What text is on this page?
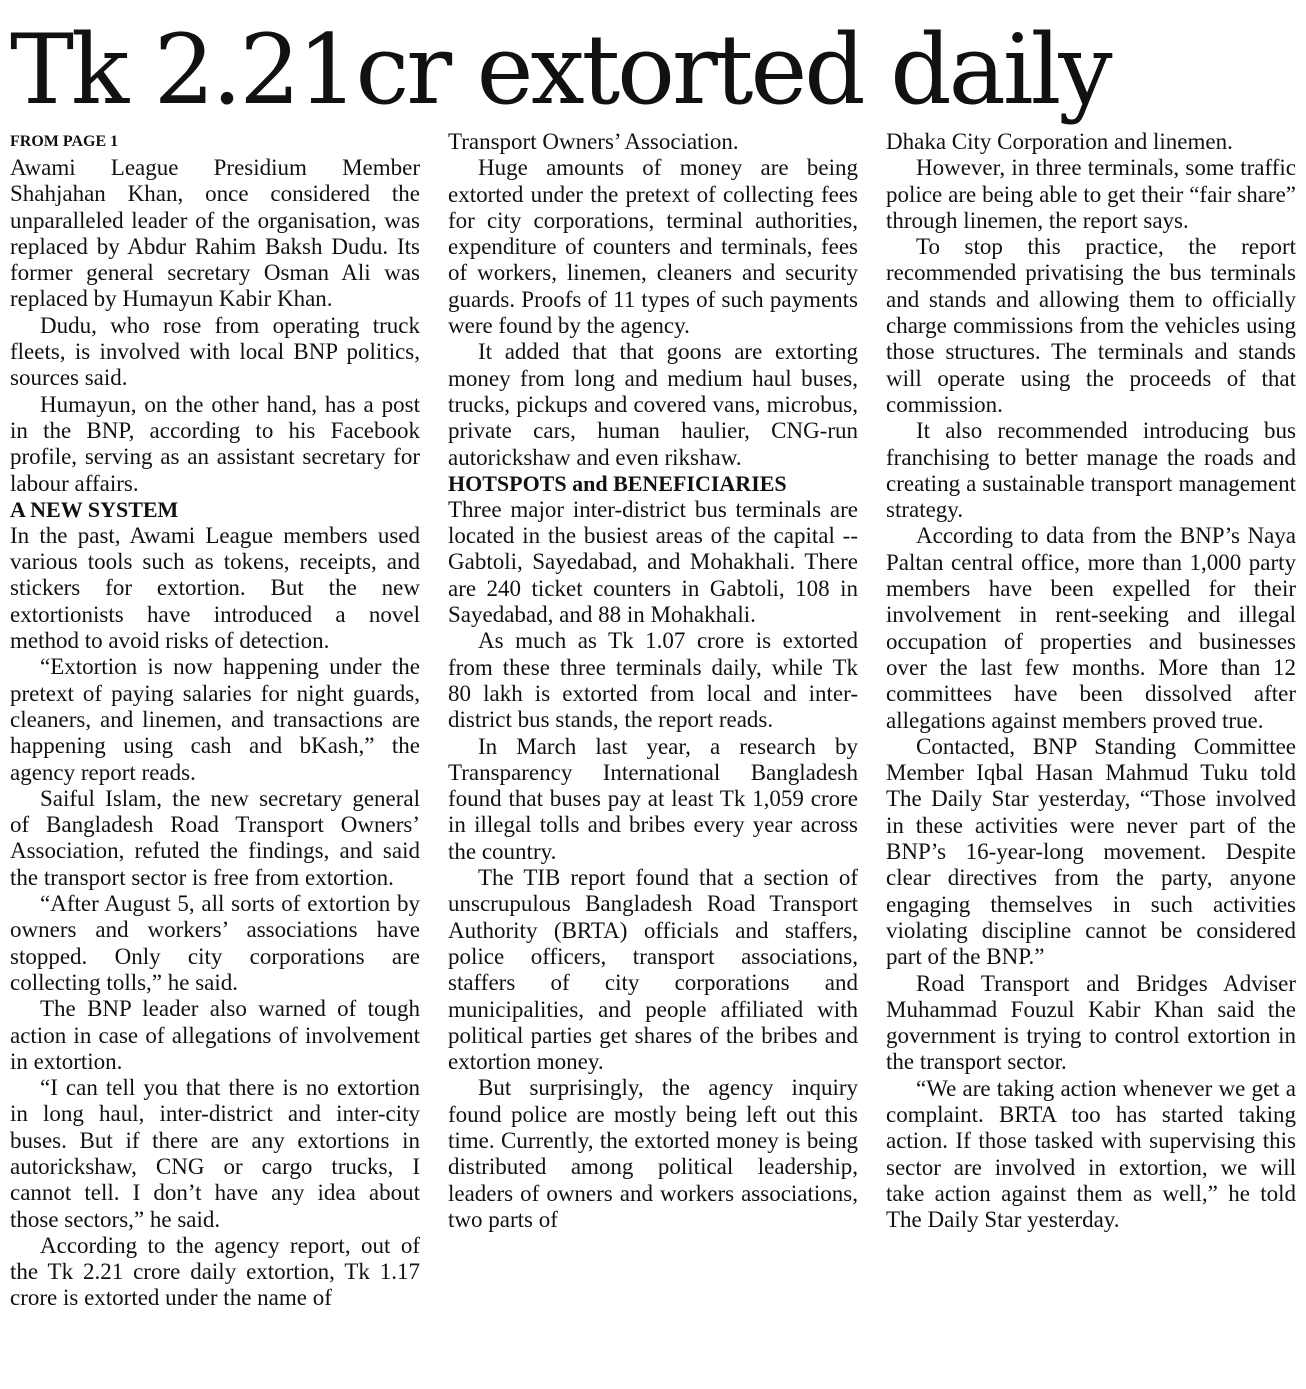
Tk 2.21cr extorted daily
FROM PAGE 1

Awami League Presidium Member Shahjahan Khan, once considered the unparalleled leader of the organisation, was replaced by Abdur Rahim Baksh Dudu. Its former general secretary Osman Ali was replaced by Humayun Kabir Khan.

Dudu, who rose from operating truck fleets, is involved with local BNP politics, sources said.

Humayun, on the other hand, has a post in the BNP, according to his Facebook profile, serving as an assistant secretary for labour affairs.

A NEW SYSTEM

In the past, Awami League members used various tools such as tokens, receipts, and stickers for extortion. But the new extortionists have introduced a novel method to avoid risks of detection.

“Extortion is now happening under the pretext of paying salaries for night guards, cleaners, and linemen, and transactions are happening using cash and bKash,” the agency report reads.

Saiful Islam, the new secretary general of Bangladesh Road Transport Owners’ Association, refuted the findings, and said the transport sector is free from extortion.

“After August 5, all sorts of extortion by owners and workers’ associations have stopped. Only city corporations are collecting tolls,” he said.

The BNP leader also warned of tough action in case of allegations of involvement in extortion.

“I can tell you that there is no extortion in long haul, inter-district and inter-city buses. But if there are any extortions in autorickshaw, CNG or cargo trucks, I cannot tell. I don’t have any idea about those sectors,” he said.

According to the agency report, out of the Tk 2.21 crore daily extortion, Tk 1.17 crore is extorted under the name of

Transport Owners’ Association.

Huge amounts of money are being extorted under the pretext of collecting fees for city corporations, terminal authorities, expenditure of counters and terminals, fees of workers, linemen, cleaners and security guards. Proofs of 11 types of such payments were found by the agency.

It added that that goons are extorting money from long and medium haul buses, trucks, pickups and covered vans, microbus, private cars, human haulier, CNG-run autorickshaw and even rikshaw.

HOTSPOTS and BENEFICIARIES

Three major inter-district bus terminals are located in the busiest areas of the capital -- Gabtoli, Sayedabad, and Mohakhali. There are 240 ticket counters in Gabtoli, 108 in Sayedabad, and 88 in Mohakhali.

As much as Tk 1.07 crore is extorted from these three terminals daily, while Tk 80 lakh is extorted from local and inter-district bus stands, the report reads.

In March last year, a research by Transparency International Bangladesh found that buses pay at least Tk 1,059 crore in illegal tolls and bribes every year across the country.

The TIB report found that a section of unscrupulous Bangladesh Road Transport Authority (BRTA) officials and staffers, police officers, transport associations, staffers of city corporations and municipalities, and people affiliated with political parties get shares of the bribes and extortion money.

But surprisingly, the agency inquiry found police are mostly being left out this time. Currently, the extorted money is being distributed among political leadership, leaders of owners and workers associations, two parts of

Dhaka City Corporation and linemen.

However, in three terminals, some traffic police are being able to get their “fair share” through linemen, the report says.

To stop this practice, the report recommended privatising the bus terminals and stands and allowing them to officially charge commissions from the vehicles using those structures. The terminals and stands will operate using the proceeds of that commission.

It also recommended introducing bus franchising to better manage the roads and creating a sustainable transport management strategy.

According to data from the BNP’s Naya Paltan central office, more than 1,000 party members have been expelled for their involvement in rent-seeking and illegal occupation of properties and businesses over the last few months. More than 12 committees have been dissolved after allegations against members proved true.

Contacted, BNP Standing Committee Member Iqbal Hasan Mahmud Tuku told The Daily Star yesterday, “Those involved in these activities were never part of the BNP’s 16-year-long movement. Despite clear directives from the party, anyone engaging themselves in such activities violating discipline cannot be considered part of the BNP.”

Road Transport and Bridges Adviser Muhammad Fouzul Kabir Khan said the government is trying to control extortion in the transport sector.

“We are taking action whenever we get a complaint. BRTA too has started taking action. If those tasked with supervising this sector are involved in extortion, we will take action against them as well,” he told The Daily Star yesterday.
